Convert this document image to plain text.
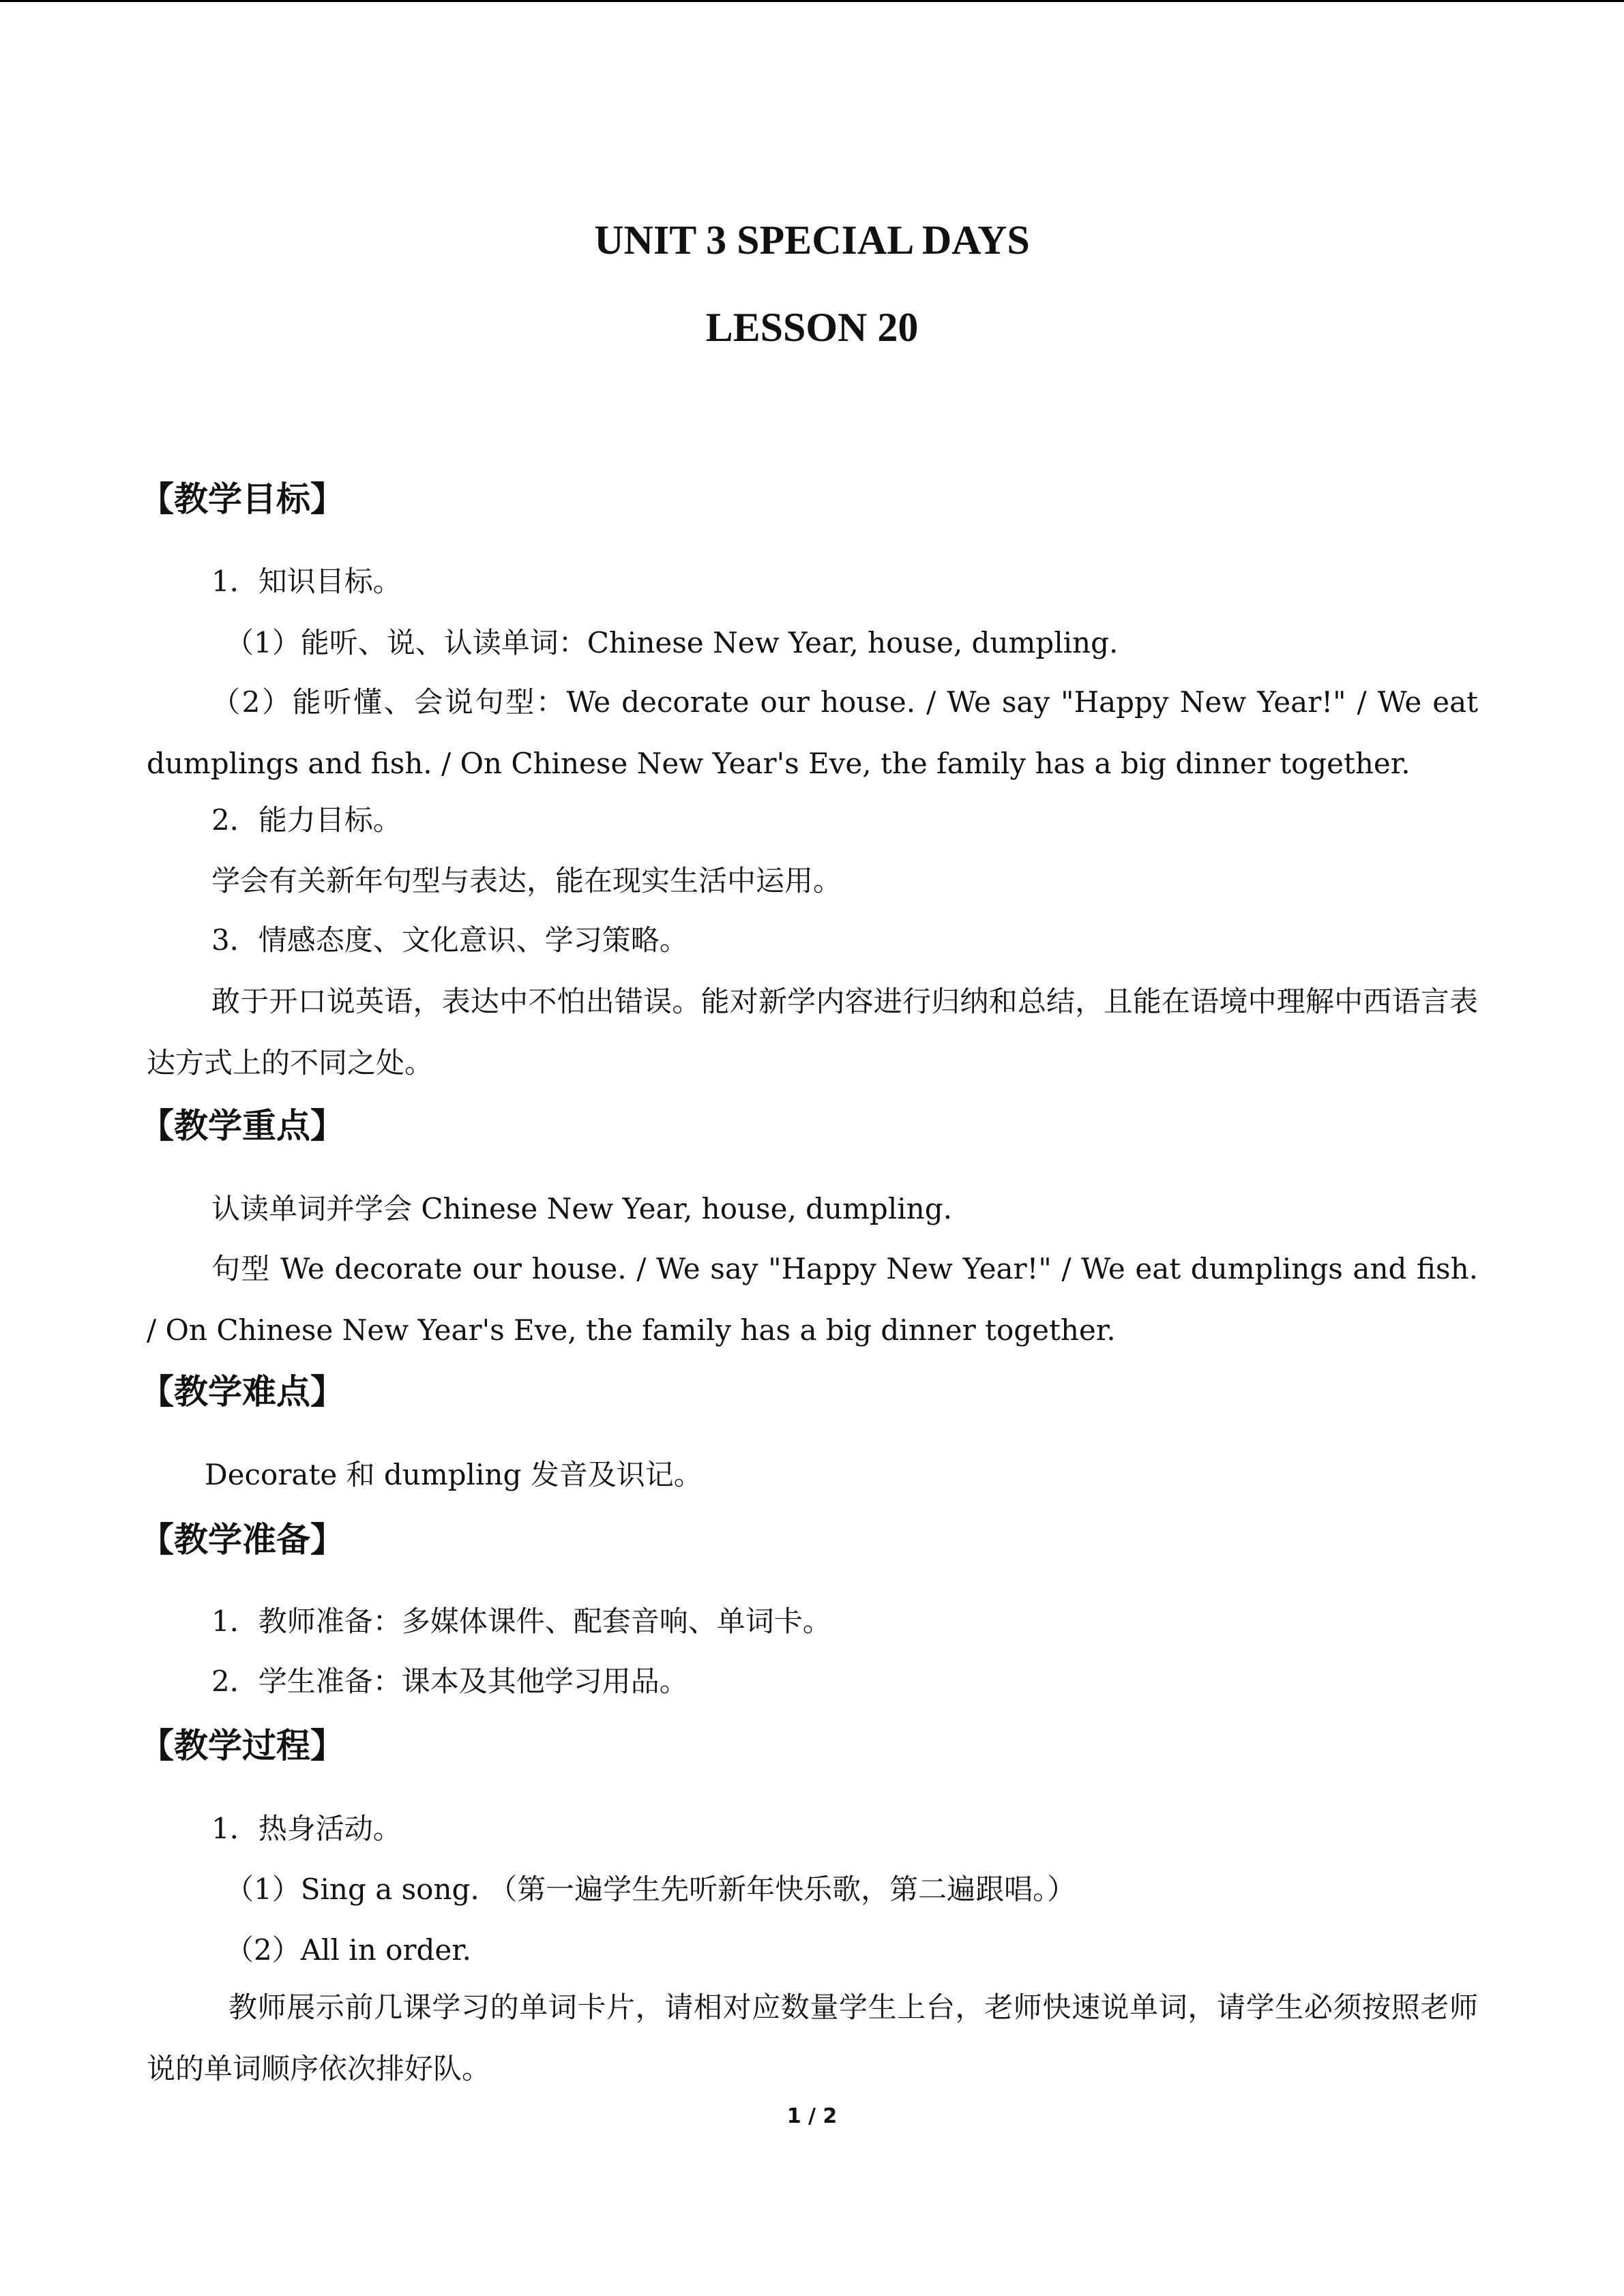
UNIT 3 SPECIAL DAYS
LESSON 20
【教学目标】
1．知识目标。
（1）能听、说、认读单词：Chinese New Year, house, dumpling.
（2）能听懂、会说句型：We decorate our house. / We say "Happy New Year!" / We eat dumplings and fish. / On Chinese New Year's Eve, the family has a big dinner together.
2．能力目标。
学会有关新年句型与表达，能在现实生活中运用。
3．情感态度、文化意识、学习策略。
敢于开口说英语，表达中不怕出错误。能对新学内容进行归纳和总结，且能在语境中理解中西语言表达方式上的不同之处。
【教学重点】
认读单词并学会 Chinese New Year, house, dumpling.
句型 We decorate our house. / We say "Happy New Year!" / We eat dumplings and fish. / On Chinese New Year's Eve, the family has a big dinner together.
【教学难点】
Decorate 和 dumpling 发音及识记。
【教学准备】
1．教师准备：多媒体课件、配套音响、单词卡。
2．学生准备：课本及其他学习用品。
【教学过程】
1．热身活动。
（1）Sing a song. （第一遍学生先听新年快乐歌，第二遍跟唱。）
（2）All in order.
教师展示前几课学习的单词卡片，请相对应数量学生上台，老师快速说单词，请学生必须按照老师说的单词顺序依次排好队。
1 / 2
